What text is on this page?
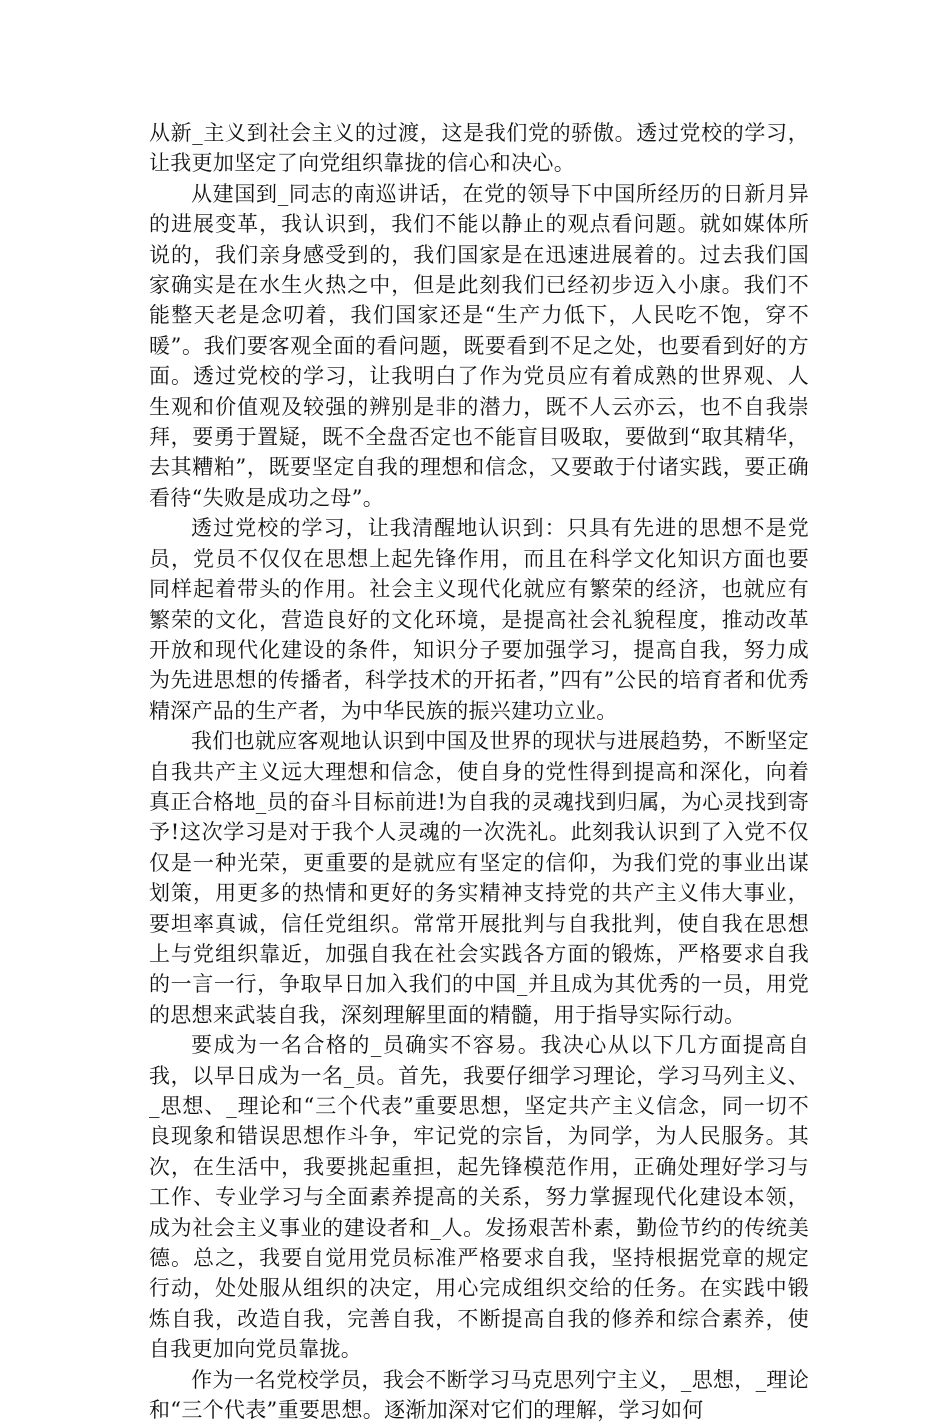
从新_主义到社会主义的过渡，这是我们党的骄傲。透过党校的学习，让我更加坚定了向党组织靠拢的信心和决心。

从建国到_同志的南巡讲话，在党的领导下中国所经历的日新月异的进展变革，我认识到，我们不能以静止的观点看问题。就如媒体所说的，我们亲身感受到的，我们国家是在迅速进展着的。过去我们国家确实是在水生火热之中，但是此刻我们已经初步迈入小康。我们不能整天老是念叨着，我们国家还是“生产力低下，人民吃不饱，穿不暖”。我们要客观全面的看问题，既要看到不足之处，也要看到好的方面。透过党校的学习，让我明白了作为党员应有着成熟的世界观、人生观和价值观及较强的辨别是非的潜力，既不人云亦云，也不自我崇拜，要勇于置疑，既不全盘否定也不能盲目吸取，要做到“取其精华，去其糟粕”，既要坚定自我的理想和信念，又要敢于付诸实践，要正确看待“失败是成功之母”。

透过党校的学习，让我清醒地认识到：只具有先进的思想不是党员，党员不仅仅在思想上起先锋作用，而且在科学文化知识方面也要同样起着带头的作用。社会主义现代化就应有繁荣的经济，也就应有繁荣的文化，营造良好的文化环境，是提高社会礼貌程度，推动改革开放和现代化建设的条件，知识分子要加强学习，提高自我，努力成为先进思想的传播者，科学技术的开拓者，”四有”公民的培育者和优秀精深产品的生产者，为中华民族的振兴建功立业。

我们也就应客观地认识到中国及世界的现状与进展趋势，不断坚定自我共产主义远大理想和信念，使自身的党性得到提高和深化，向着真正合格地_员的奋斗目标前进!为自我的灵魂找到归属，为心灵找到寄予!这次学习是对于我个人灵魂的一次洗礼。此刻我认识到了入党不仅仅是一种光荣，更重要的是就应有坚定的信仰，为我们党的事业出谋划策，用更多的热情和更好的务实精神支持党的共产主义伟大事业，要坦率真诚，信任党组织。常常开展批判与自我批判，使自我在思想上与党组织靠近，加强自我在社会实践各方面的锻炼，严格要求自我的一言一行，争取早日加入我们的中国_并且成为其优秀的一员，用党的思想来武装自我，深刻理解里面的精髓，用于指导实际行动。

要成为一名合格的_员确实不容易。我决心从以下几方面提高自我，以早日成为一名_员。首先，我要仔细学习理论，学习马列主义、_思想、_理论和“三个代表”重要思想，坚定共产主义信念，同一切不良现象和错误思想作斗争，牢记党的宗旨，为同学，为人民服务。其次，在生活中，我要挑起重担，起先锋模范作用，正确处理好学习与工作、专业学习与全面素养提高的关系，努力掌握现代化建设本领，成为社会主义事业的建设者和_人。发扬艰苦朴素，勤俭节约的传统美德。总之，我要自觉用党员标准严格要求自我，坚持根据党章的规定行动，处处服从组织的决定，用心完成组织交给的任务。在实践中锻炼自我，改造自我，完善自我，不断提高自我的修养和综合素养，使自我更加向党员靠拢。

作为一名党校学员，我会不断学习马克思列宁主义，_思想，_理论和“三个代表”重要思想。逐渐加深对它们的理解，学习如何
